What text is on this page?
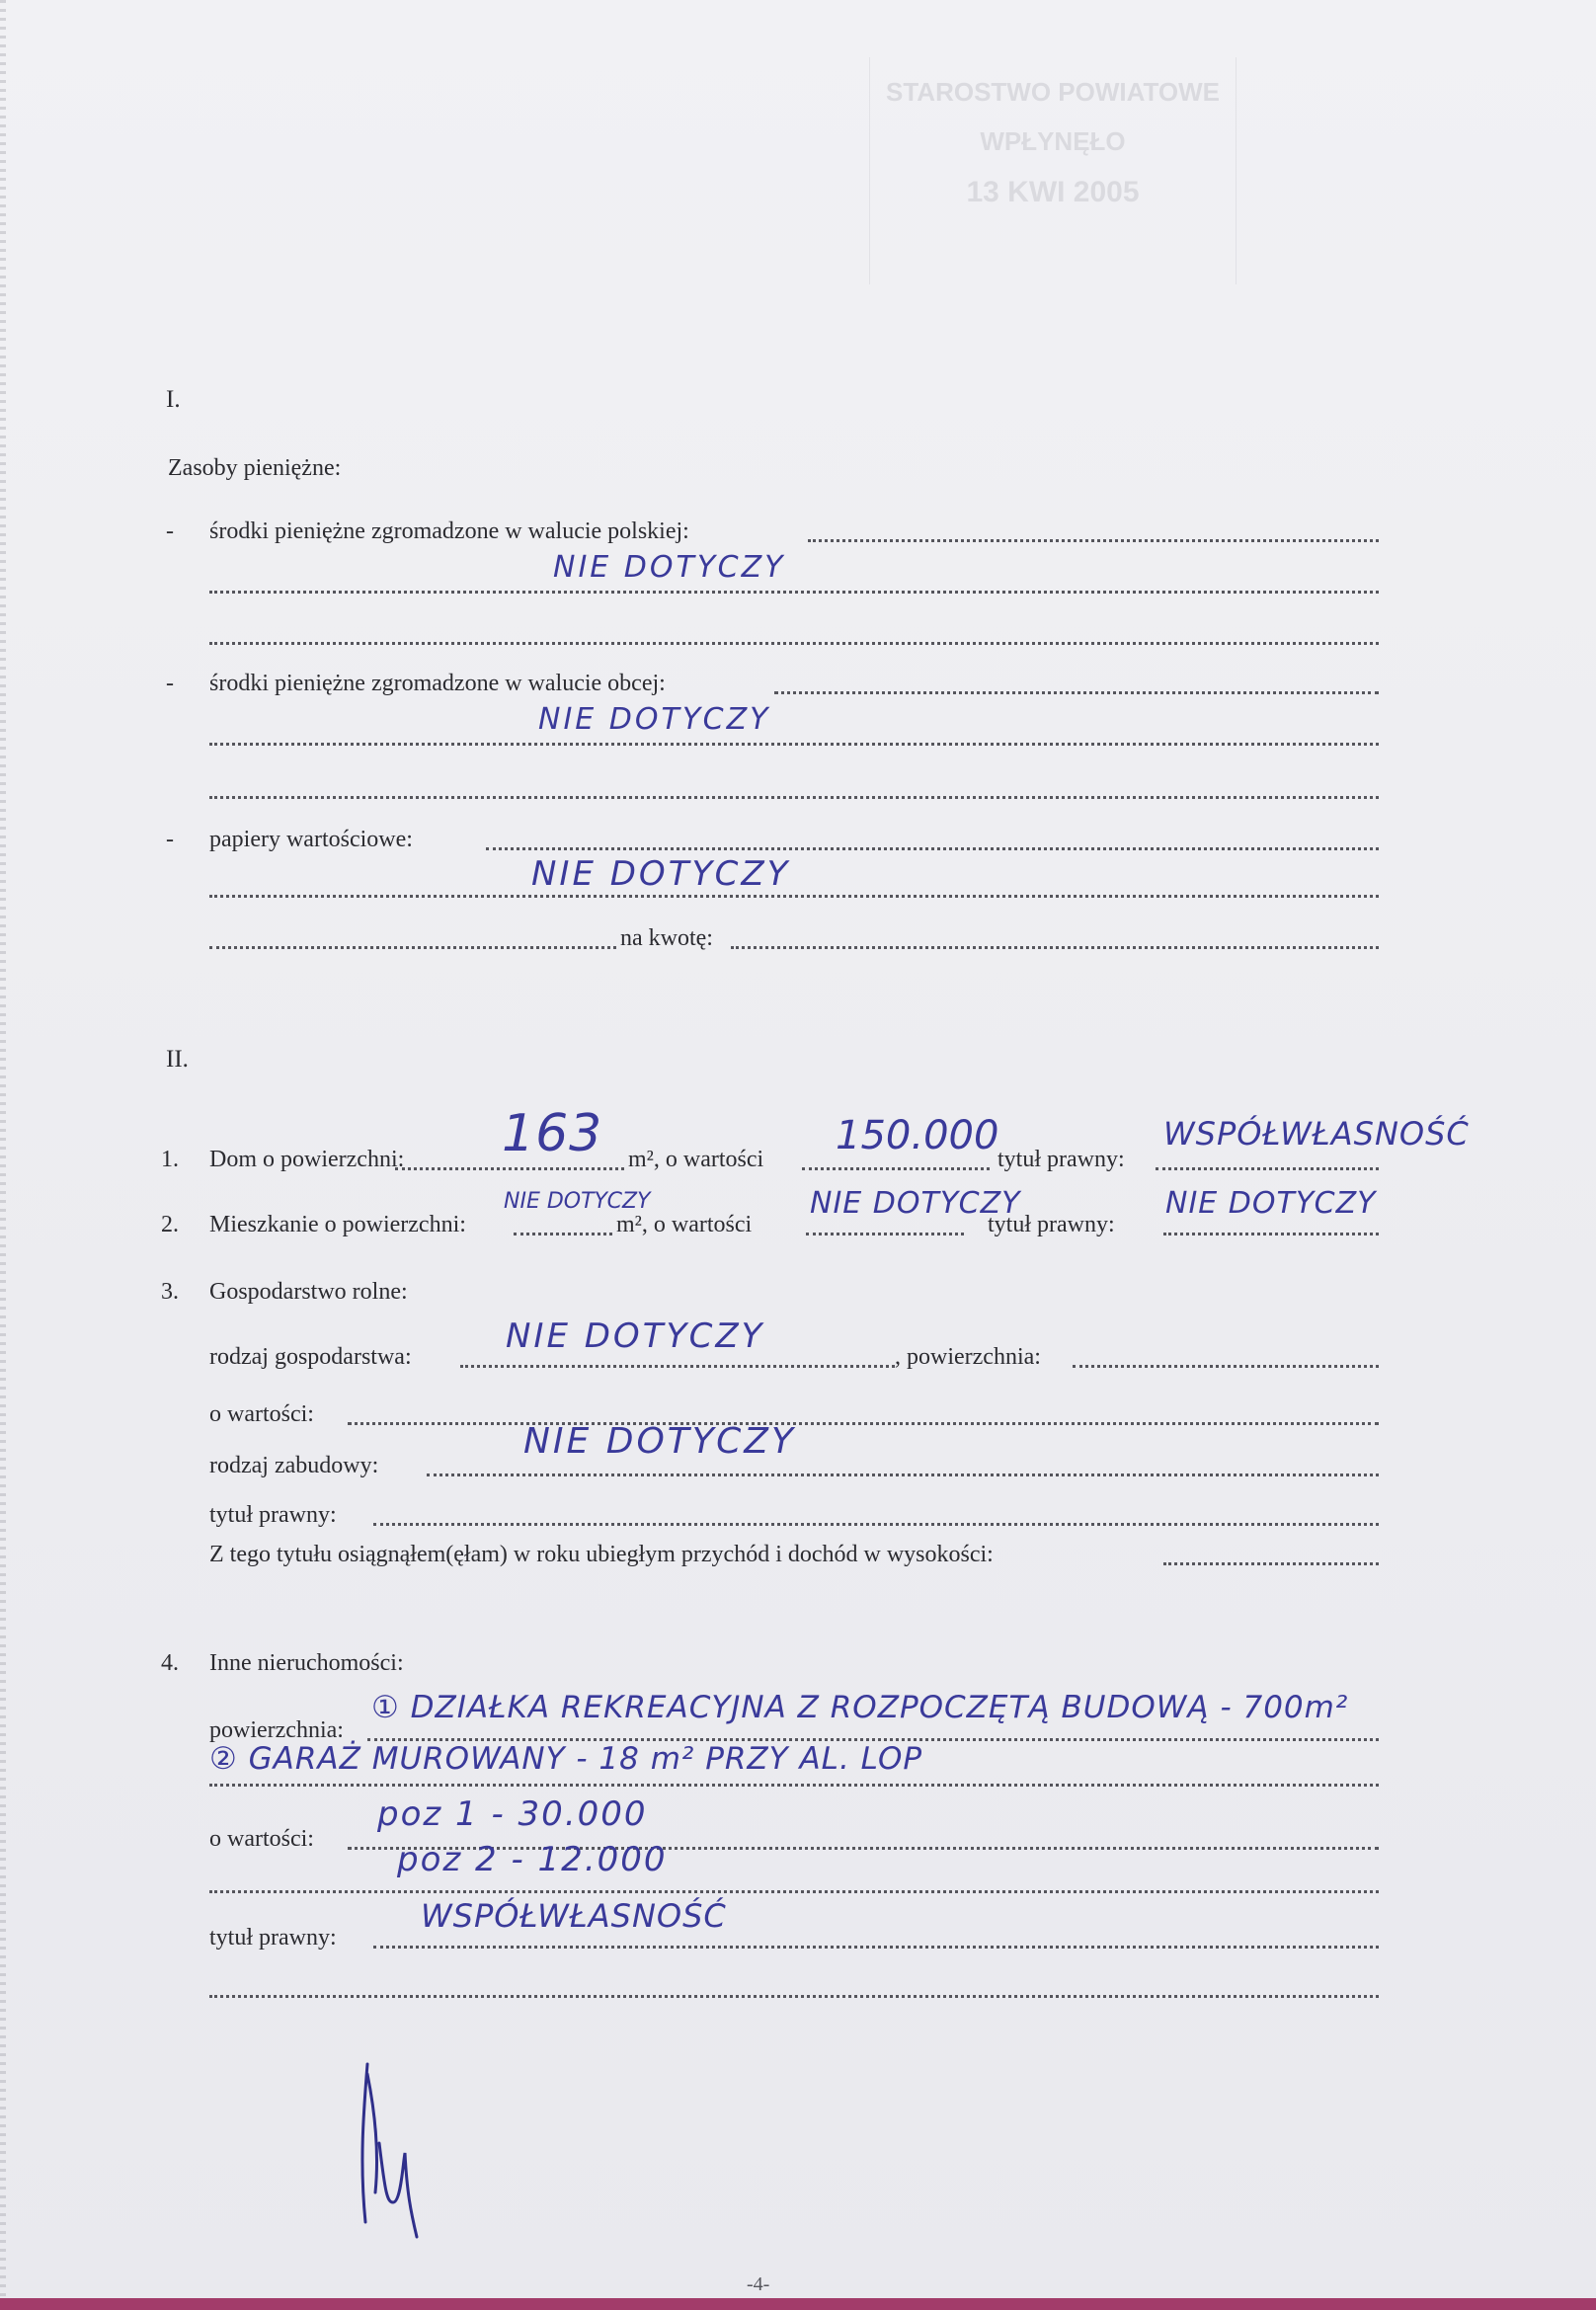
STAROSTWO POWIATOWE
WPŁYNĘŁO
13 KWI 2005
I.
Zasoby pieniężne:
- środki pieniężne zgromadzone w walucie polskiej:
NIE DOTYCZY
- środki pieniężne zgromadzone w walucie obcej:
NIE DOTYCZY
- papiery wartościowe:
NIE DOTYCZY
na kwotę:
II.
1. Dom o powierzchni: 163 m², o wartości
150.000
tytuł prawny:
WSPÓŁWŁASNOŚĆ
2. Mieszkanie o powierzchni:
NIE DOTYCZY
m², o wartości
NIE DOTYCZY
tytuł prawny:
NIE DOTYCZY
3. Gospodarstwo rolne:
rodzaj gospodarstwa:
NIE DOTYCZY
, powierzchnia:
o wartości:
rodzaj zabudowy:
NIE DOTYCZY
tytuł prawny:
Z tego tytułu osiągnąłem(ęłam) w roku ubiegłym przychód i dochód w wysokości:
4. Inne nieruchomości:
powierzchnia:
① DZIAŁKA REKREACYJNA Z ROZPOCZĘTĄ BUDOWĄ - 700m²
② GARAŻ MUROWANY - 18 m² PRZY AL. LOP
o wartości:
poz 1 - 30.000
poz 2 - 12.000
tytuł prawny:
WSPÓŁWŁASNOŚĆ
-4-
